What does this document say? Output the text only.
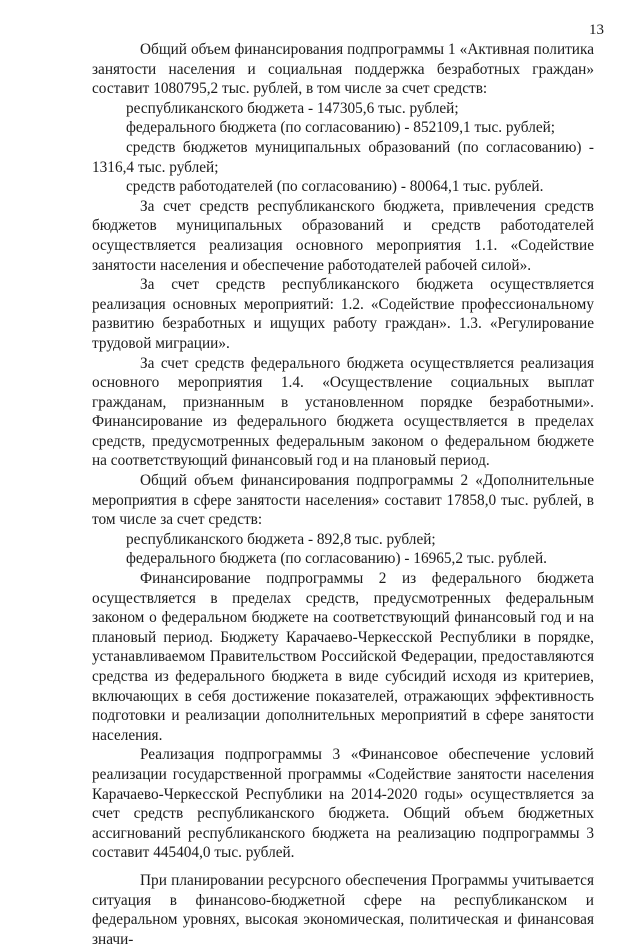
13

Общий объем финансирования подпрограммы 1 «Активная политика занятости населения и социальная поддержка безработных граждан» составит 1080795,2 тыс. рублей, в том числе за счет средств:

республиканского бюджета - 147305,6 тыс. рублей;

федерального бюджета (по согласованию) - 852109,1 тыс. рублей;

средств бюджетов муниципальных образований (по согласованию) - 1316,4 тыс. рублей;

средств работодателей (по согласованию) - 80064,1 тыс. рублей.

За счет средств республиканского бюджета, привлечения средств бюджетов муниципальных образований и средств работодателей осуществляется реализация основного мероприятия 1.1. «Содействие занятости населения и обеспечение работодателей рабочей силой».

За счет средств республиканского бюджета осуществляется реализация основных мероприятий: 1.2. «Содействие профессиональному развитию безработных и ищущих работу граждан». 1.3. «Регулирование трудовой миграции».

За счет средств федерального бюджета осуществляется реализация основного мероприятия 1.4. «Осуществление социальных выплат гражданам, признанным в установленном порядке безработными». Финансирование из федерального бюджета осуществляется в пределах средств, предусмотренных федеральным законом о федеральном бюджете на соответствующий финансовый год и на плановый период.

Общий объем финансирования подпрограммы 2 «Дополнительные мероприятия в сфере занятости населения» составит 17858,0 тыс. рублей, в том числе за счет средств:

республиканского бюджета - 892,8 тыс. рублей;

федерального бюджета (по согласованию) - 16965,2 тыс. рублей.

Финансирование подпрограммы 2 из федерального бюджета осуществляется в пределах средств, предусмотренных федеральным законом о федеральном бюджете на соответствующий финансовый год и на плановый период. Бюджету Карачаево-Черкесской Республики в порядке, устанавливаемом Правительством Российской Федерации, предоставляются средства из федерального бюджета в виде субсидий исходя из критериев, включающих в себя достижение показателей, отражающих эффективность подготовки и реализации дополнительных мероприятий в сфере занятости населения.

Реализация подпрограммы 3 «Финансовое обеспечение условий реализации государственной программы «Содействие занятости населения Карачаево-Черкесской Республики на 2014-2020 годы» осуществляется за счет средств республиканского бюджета. Общий объем бюджетных ассигнований республиканского бюджета на реализацию подпрограммы 3 составит 445404,0 тыс. рублей.

При планировании ресурсного обеспечения Программы учитывается ситуация в финансово-бюджетной сфере на республиканском и федеральном уровнях, высокая экономическая, политическая и финансовая значи-
